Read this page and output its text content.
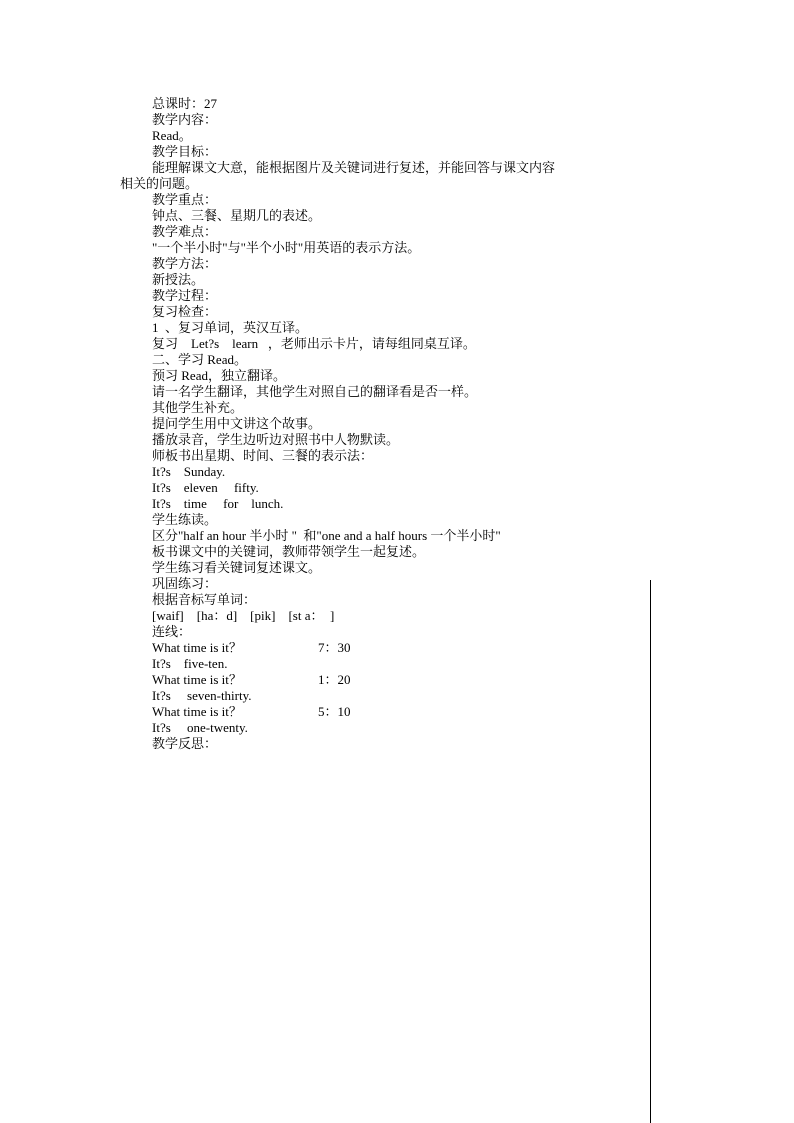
总课时：27
教学内容：
Read。
教学目标：
能理解课文大意，能根据图片及关键词进行复述，并能回答与课文内容相关的问题。
教学重点：
钟点、三餐、星期几的表述。
教学难点：
"一个半小时"与"半个小时"用英语的表示方法。
教学方法：
新授法。
教学过程：
复习检查：
1  、复习单词，英汉互译。
复习    Let?s    learn   ，老师出示卡片，请每组同桌互译。
二、学习 Read。
预习 Read，独立翻译。
请一名学生翻译，其他学生对照自己的翻译看是否一样。
其他学生补充。
提问学生用中文讲这个故事。
播放录音，学生边听边对照书中人物默读。
师板书出星期、时间、三餐的表示法：
It?s    Sunday.
It?s    eleven     fifty.
It?s    time     for    lunch.
学生练读。
区分"half an hour 半小时 "  和"one and a half hours 一个半小时"
板书课文中的关键词，教师带领学生一起复述。
学生练习看关键词复述课文。
巩固练习：
根据音标写单词：
[waif]    [ha：d]    [pik]    [st a：  ]
连线：
What time is it？	7：30
It?s    five-ten.
What time is it？	1：20
It?s     seven-thirty.
What time is it？	5：10
It?s     one-twenty.
教学反思：
